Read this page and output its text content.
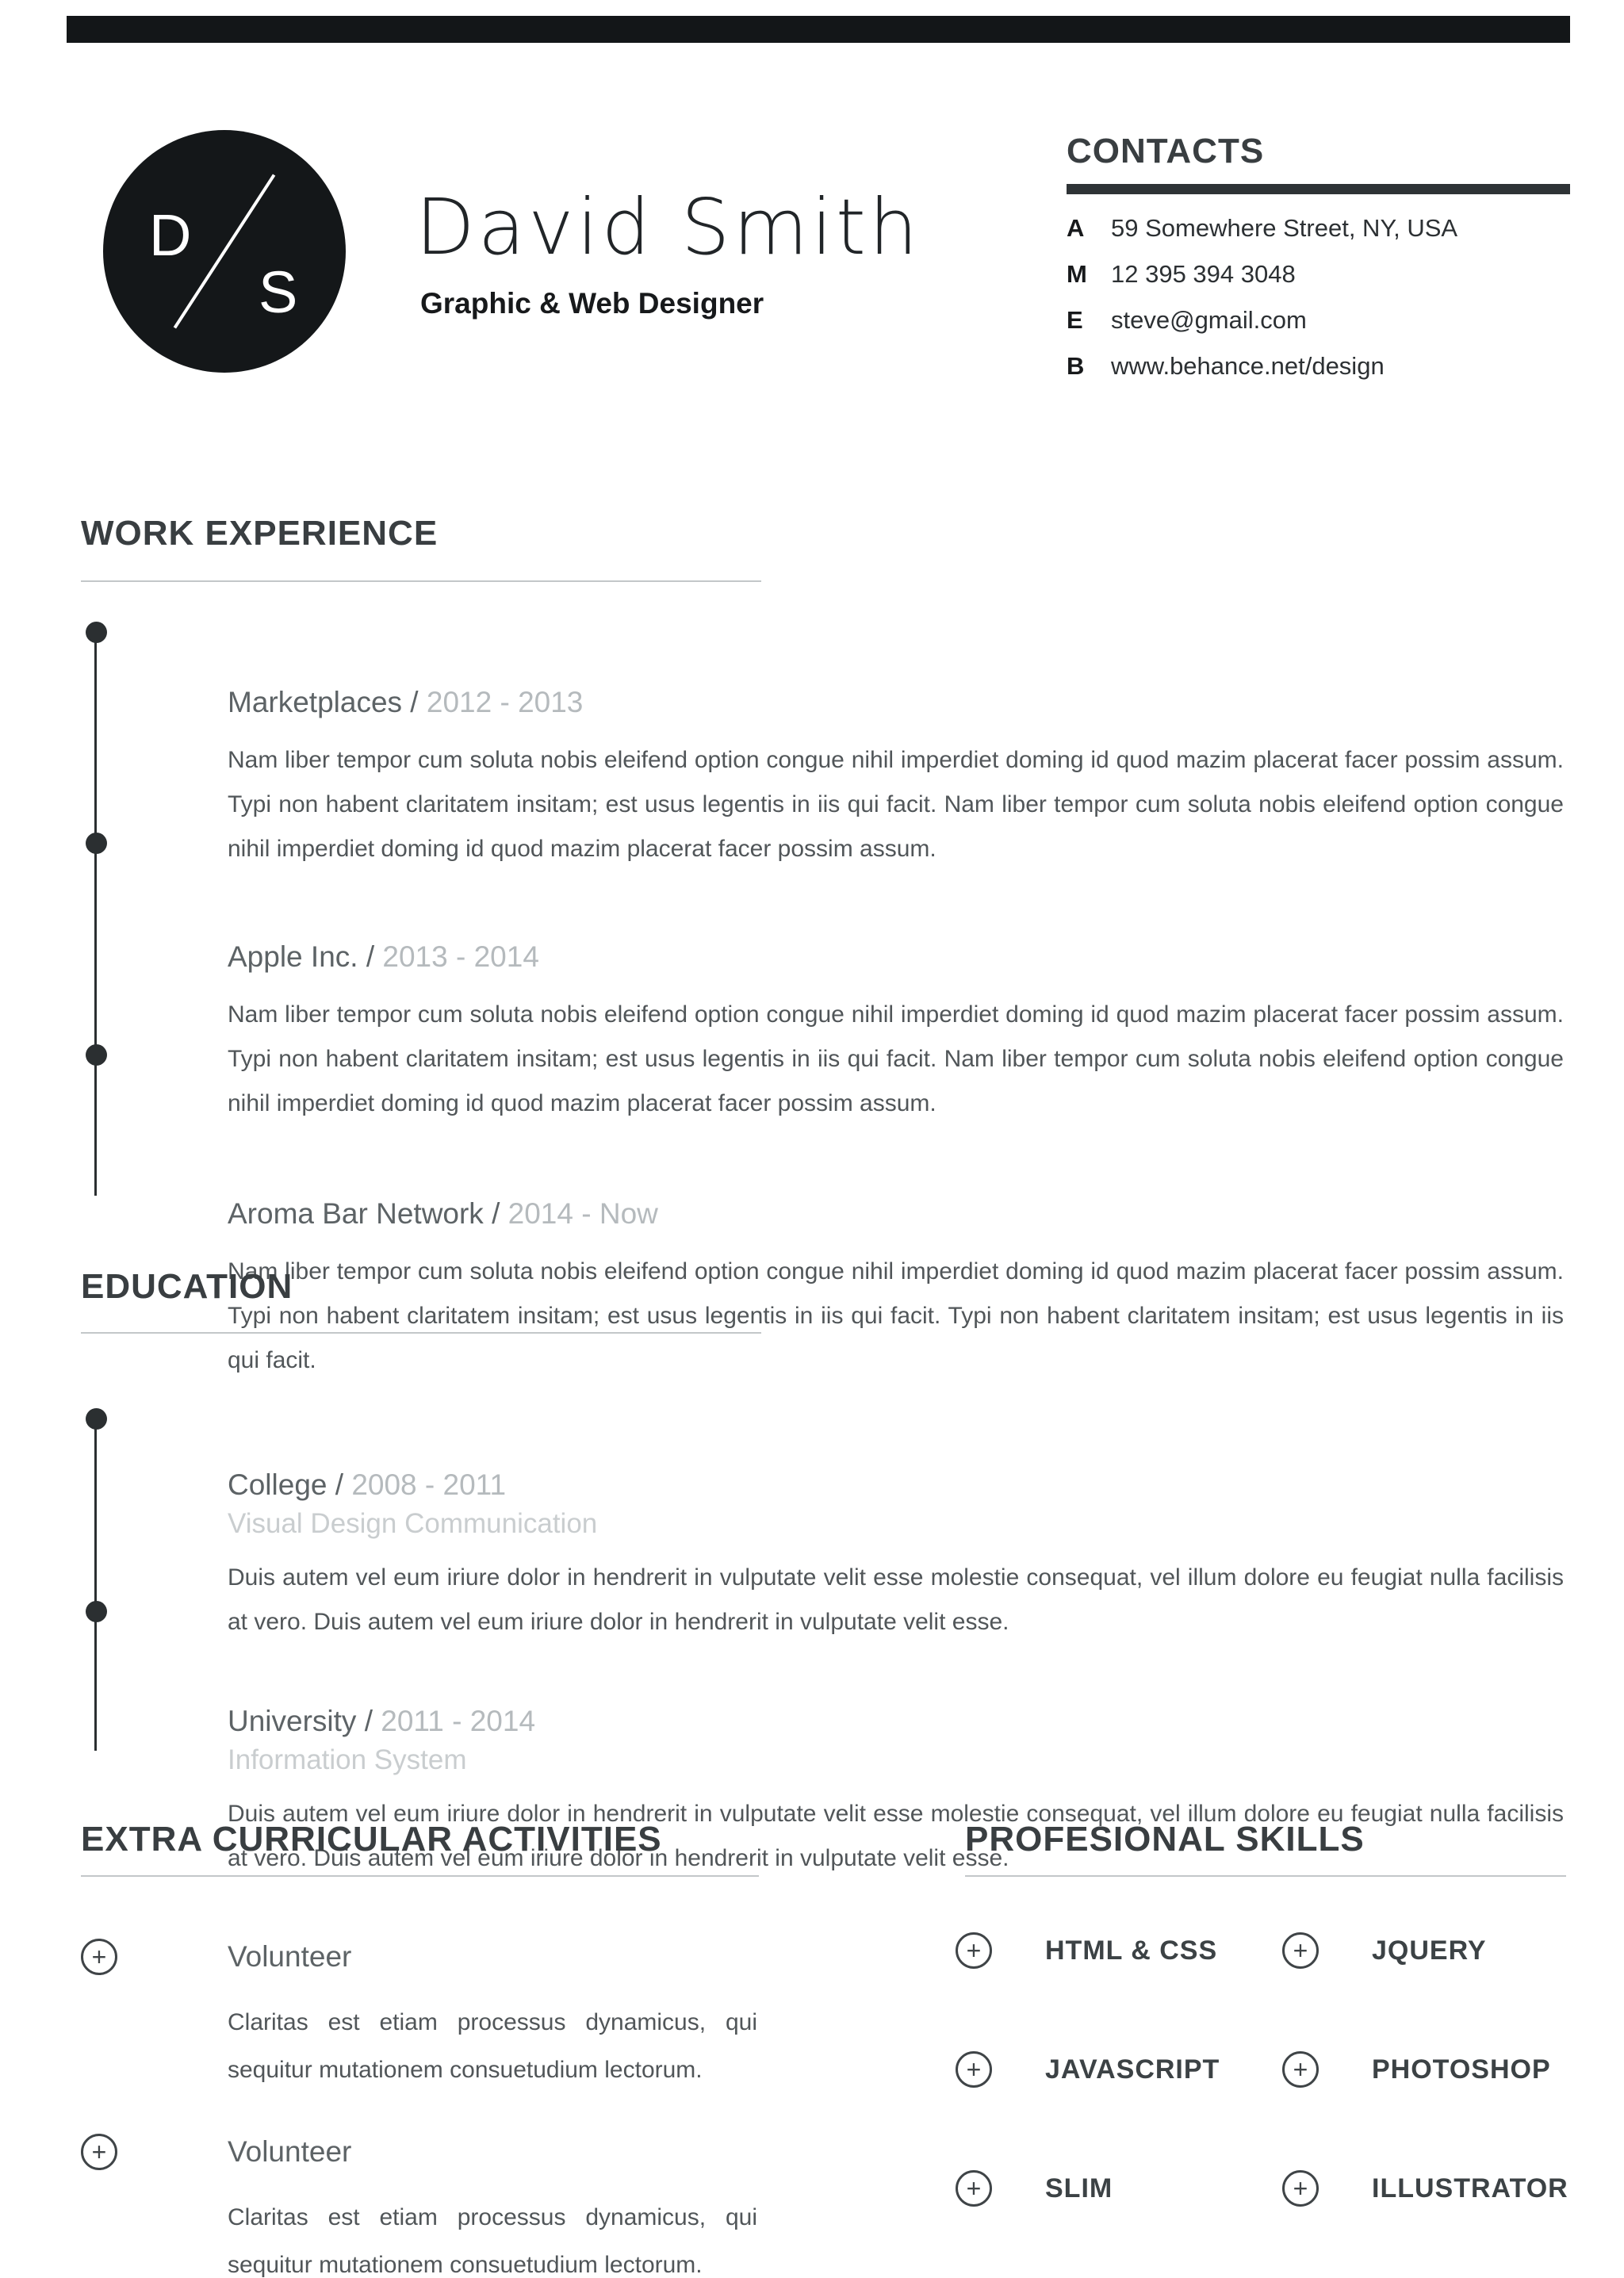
D
S
David Smith
Graphic & Web Designer
CONTACTS
A	59 Somewhere Street, NY, USA
M 12 395 394 3048
E	steve@gmail.com
B	www.behance.net/design
WORK EXPERIENCE
Marketplaces / 2012 - 2013

Nam liber tempor cum soluta nobis eleifend option congue nihil imperdiet doming id quod mazim placerat facer possim assum. Typi non habent claritatem insitam; est usus legentis in iis qui facit. Nam liber tempor cum soluta nobis eleifend option congue nihil imperdiet doming id quod mazim placerat facer possim assum.

Apple Inc. / 2013 - 2014

Nam liber tempor cum soluta nobis eleifend option congue nihil imperdiet doming id quod mazim placerat facer possim assum. Typi non habent claritatem insitam; est usus legentis in iis qui facit. Nam liber tempor cum soluta nobis eleifend option congue nihil imperdiet doming id quod mazim placerat facer possim assum.

Aroma Bar Network / 2014 - Now

Nam liber tempor cum soluta nobis eleifend option congue nihil imperdiet doming id quod mazim placerat facer possim assum. Typi non habent claritatem insitam; est usus legentis in iis qui facit. Typi non habent claritatem insitam; est usus legentis in iis qui facit.

EDUCATION
College / 2008 - 2011
Visual Design Communication

Duis autem vel eum iriure dolor in hendrerit in vulputate velit esse molestie consequat, vel illum dolore eu feugiat nulla facilisis at vero. Duis autem vel eum iriure dolor in hendrerit in vulputate velit esse.

University / 2011 - 2014
Information System

Duis autem vel eum iriure dolor in hendrerit in vulputate velit esse molestie consequat, vel illum dolore eu feugiat nulla facilisis at vero. Duis autem vel eum iriure dolor in hendrerit in vulputate velit esse.

EXTRA CURRICULAR ACTIVITIES
+	Volunteer

Claritas est etiam processus dynamicus, qui sequitur mutationem consuetudium lectorum.

+	Volunteer

Claritas est etiam processus dynamicus, qui sequitur mutationem consuetudium lectorum.

PROFESIONAL SKILLS
+	HTML & CSS	+	JQUERY
+	JAVASCRIPT	+	PHOTOSHOP
+	SLIM	+	ILLUSTRATOR
